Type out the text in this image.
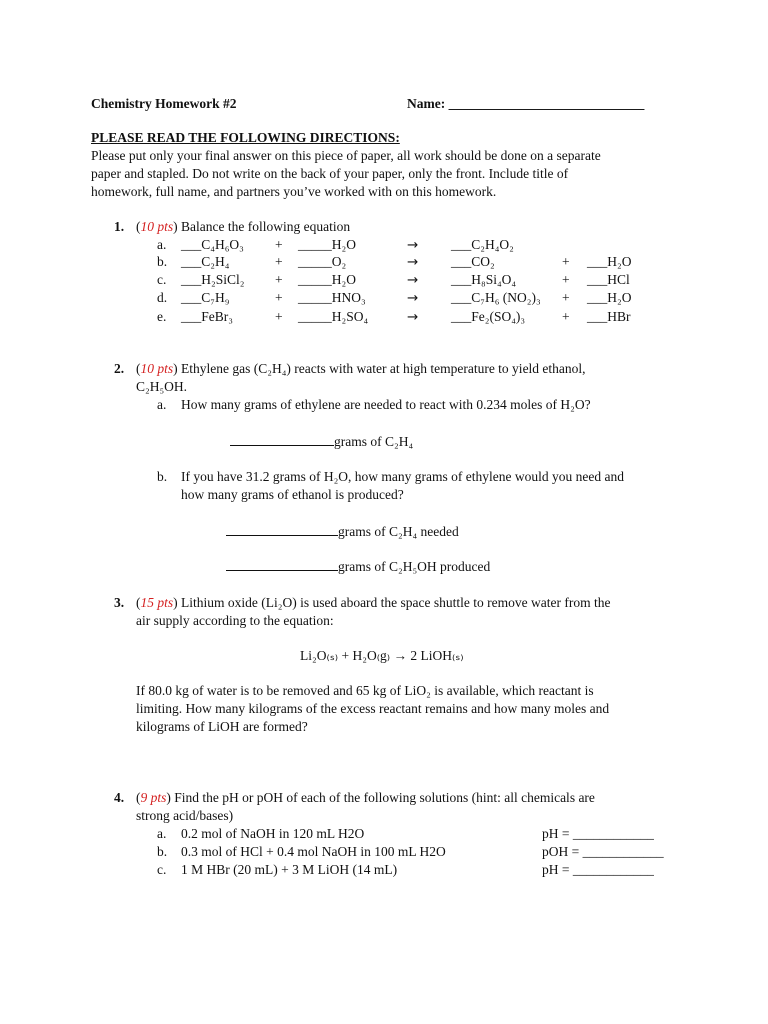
Chemistry Homework #2	Name: _____________________________
PLEASE READ THE FOLLOWING DIRECTIONS:
Please put only your final answer on this piece of paper, all work should be done on a separate
paper and stapled. Do not write on the back of your paper, only the front. Include title of
homework, full name, and partners you’ve worked with on this homework.
1. (10 pts) Balance the following equation
a. ___C₄H₆O₃ + _____H₂O	→ ___C₂H₄O₂
b. ___C₂H₄	+ _____O₂	→ ___CO₂	+ ___H₂O
c. ___H₂SiCl₂ + _____H₂O	→ ___H₈Si₄O₄	+ ___HCl
d. ___C₇H₉	+ _____HNO₃	→ ___C₇H₆ (NO₂)₃ + ___H₂O
e. ___FeBr₃	+ _____H₂SO₄	→ ___Fe₂(SO₄)₃	+ ___HBr
2. (10 pts) Ethylene gas (C₂H₄) reacts with water at high temperature to yield ethanol,
C₂H₅OH.
a. How many grams of ethylene are needed to react with 0.234 moles of H₂O?
grams of C₂H₄
b. If you have 31.2 grams of H₂O, how many grams of ethylene would you need and
how many grams of ethanol is produced?
grams of C₂H₄ needed
grams of C₂H₅OH produced
3. (15 pts) Lithium oxide (Li₂O) is used aboard the space shuttle to remove water from the
air supply according to the equation:
Li₂O₍ₛ₎ + H₂O₍g₎ → 2 LiOH₍ₛ₎
If 80.0 kg of water is to be removed and 65 kg of LiO₂ is available, which reactant is
limiting. How many kilograms of the excess reactant remains and how many moles and
kilograms of LiOH are formed?
4. (9 pts) Find the pH or pOH of each of the following solutions (hint: all chemicals are
strong acid/bases)
a. 0.2 mol of NaOH in 120 mL H2O	pH = ____________
b. 0.3 mol of HCl + 0.4 mol NaOH in 100 mL H2O	pOH = ____________
c. 1 M HBr (20 mL) + 3 M LiOH (14 mL)	pH = ____________
